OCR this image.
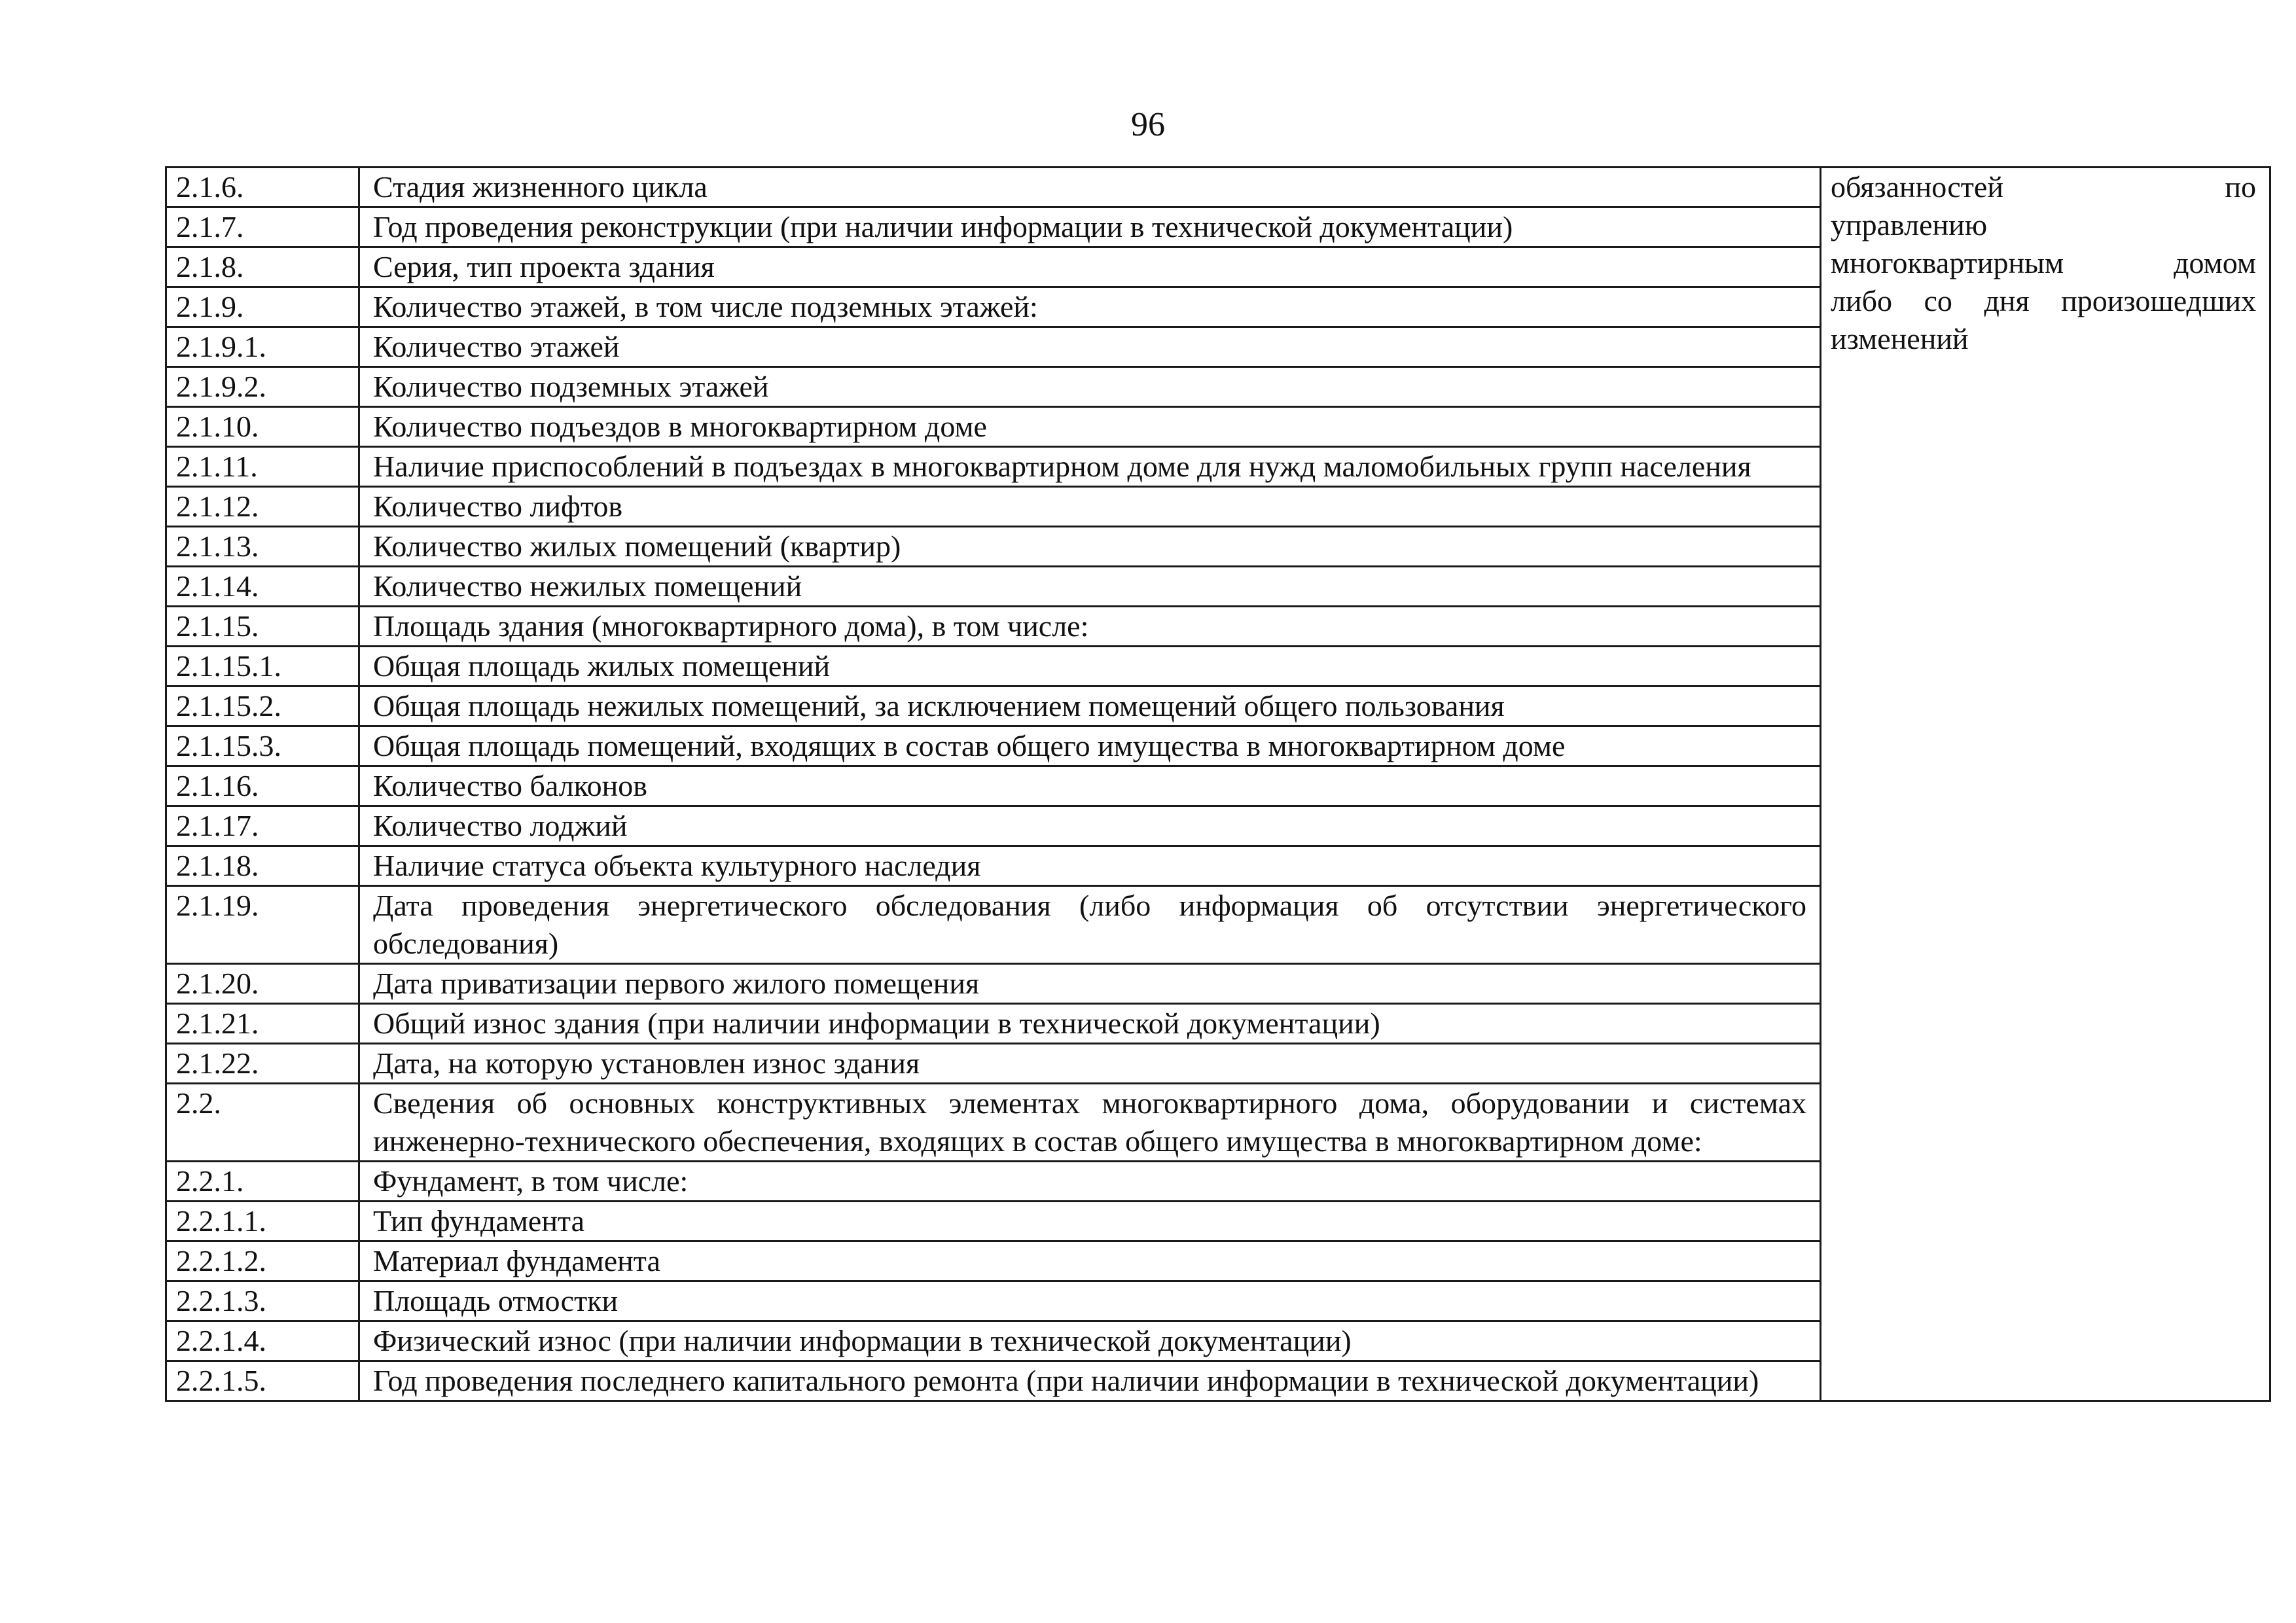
96
2.1.6.	Стадия жизненного цикла	обязанностей по
управлению
многоквартирным домом
либо со дня произошедших
изменений

2.1.7.	Год проведения реконструкции (при наличии информации в технической документации)	
2.1.8.	Серия, тип проекта здания	
2.1.9.	Количество этажей, в том числе подземных этажей:	
2.1.9.1.	Количество этажей	
2.1.9.2.	Количество подземных этажей	
2.1.10.	Количество подъездов в многоквартирном доме	
2.1.11.	Наличие приспособлений в подъездах в многоквартирном доме для нужд маломобильных групп населения	
2.1.12.	Количество лифтов	
2.1.13.	Количество жилых помещений (квартир)	
2.1.14.	Количество нежилых помещений	
2.1.15.	Площадь здания (многоквартирного дома), в том числе:	
2.1.15.1.	Общая площадь жилых помещений	
2.1.15.2.	Общая площадь нежилых помещений, за исключением помещений общего пользования	
2.1.15.3.	Общая площадь помещений, входящих в состав общего имущества в многоквартирном доме	
2.1.16.	Количество балконов	
2.1.17.	Количество лоджий	
2.1.18.	Наличие статуса объекта культурного наследия	
2.1.19.	Дата проведения энергетического обследования (либо информация об отсутствии энергетического обследования)	
2.1.20.	Дата приватизации первого жилого помещения	
2.1.21.	Общий износ здания (при наличии информации в технической документации)	
2.1.22.	Дата, на которую установлен износ здания	
2.2.	Сведения об основных конструктивных элементах многоквартирного дома, оборудовании и системах инженерно-технического обеспечения, входящих в состав общего имущества в многоквартирном доме:	
2.2.1.	Фундамент, в том числе:	
2.2.1.1.	Тип фундамента	
2.2.1.2.	Материал фундамента	
2.2.1.3.	Площадь отмостки	
2.2.1.4.	Физический износ (при наличии информации в технической документации)	
2.2.1.5.	Год проведения последнего капитального ремонта (при наличии информации в технической документации)	
